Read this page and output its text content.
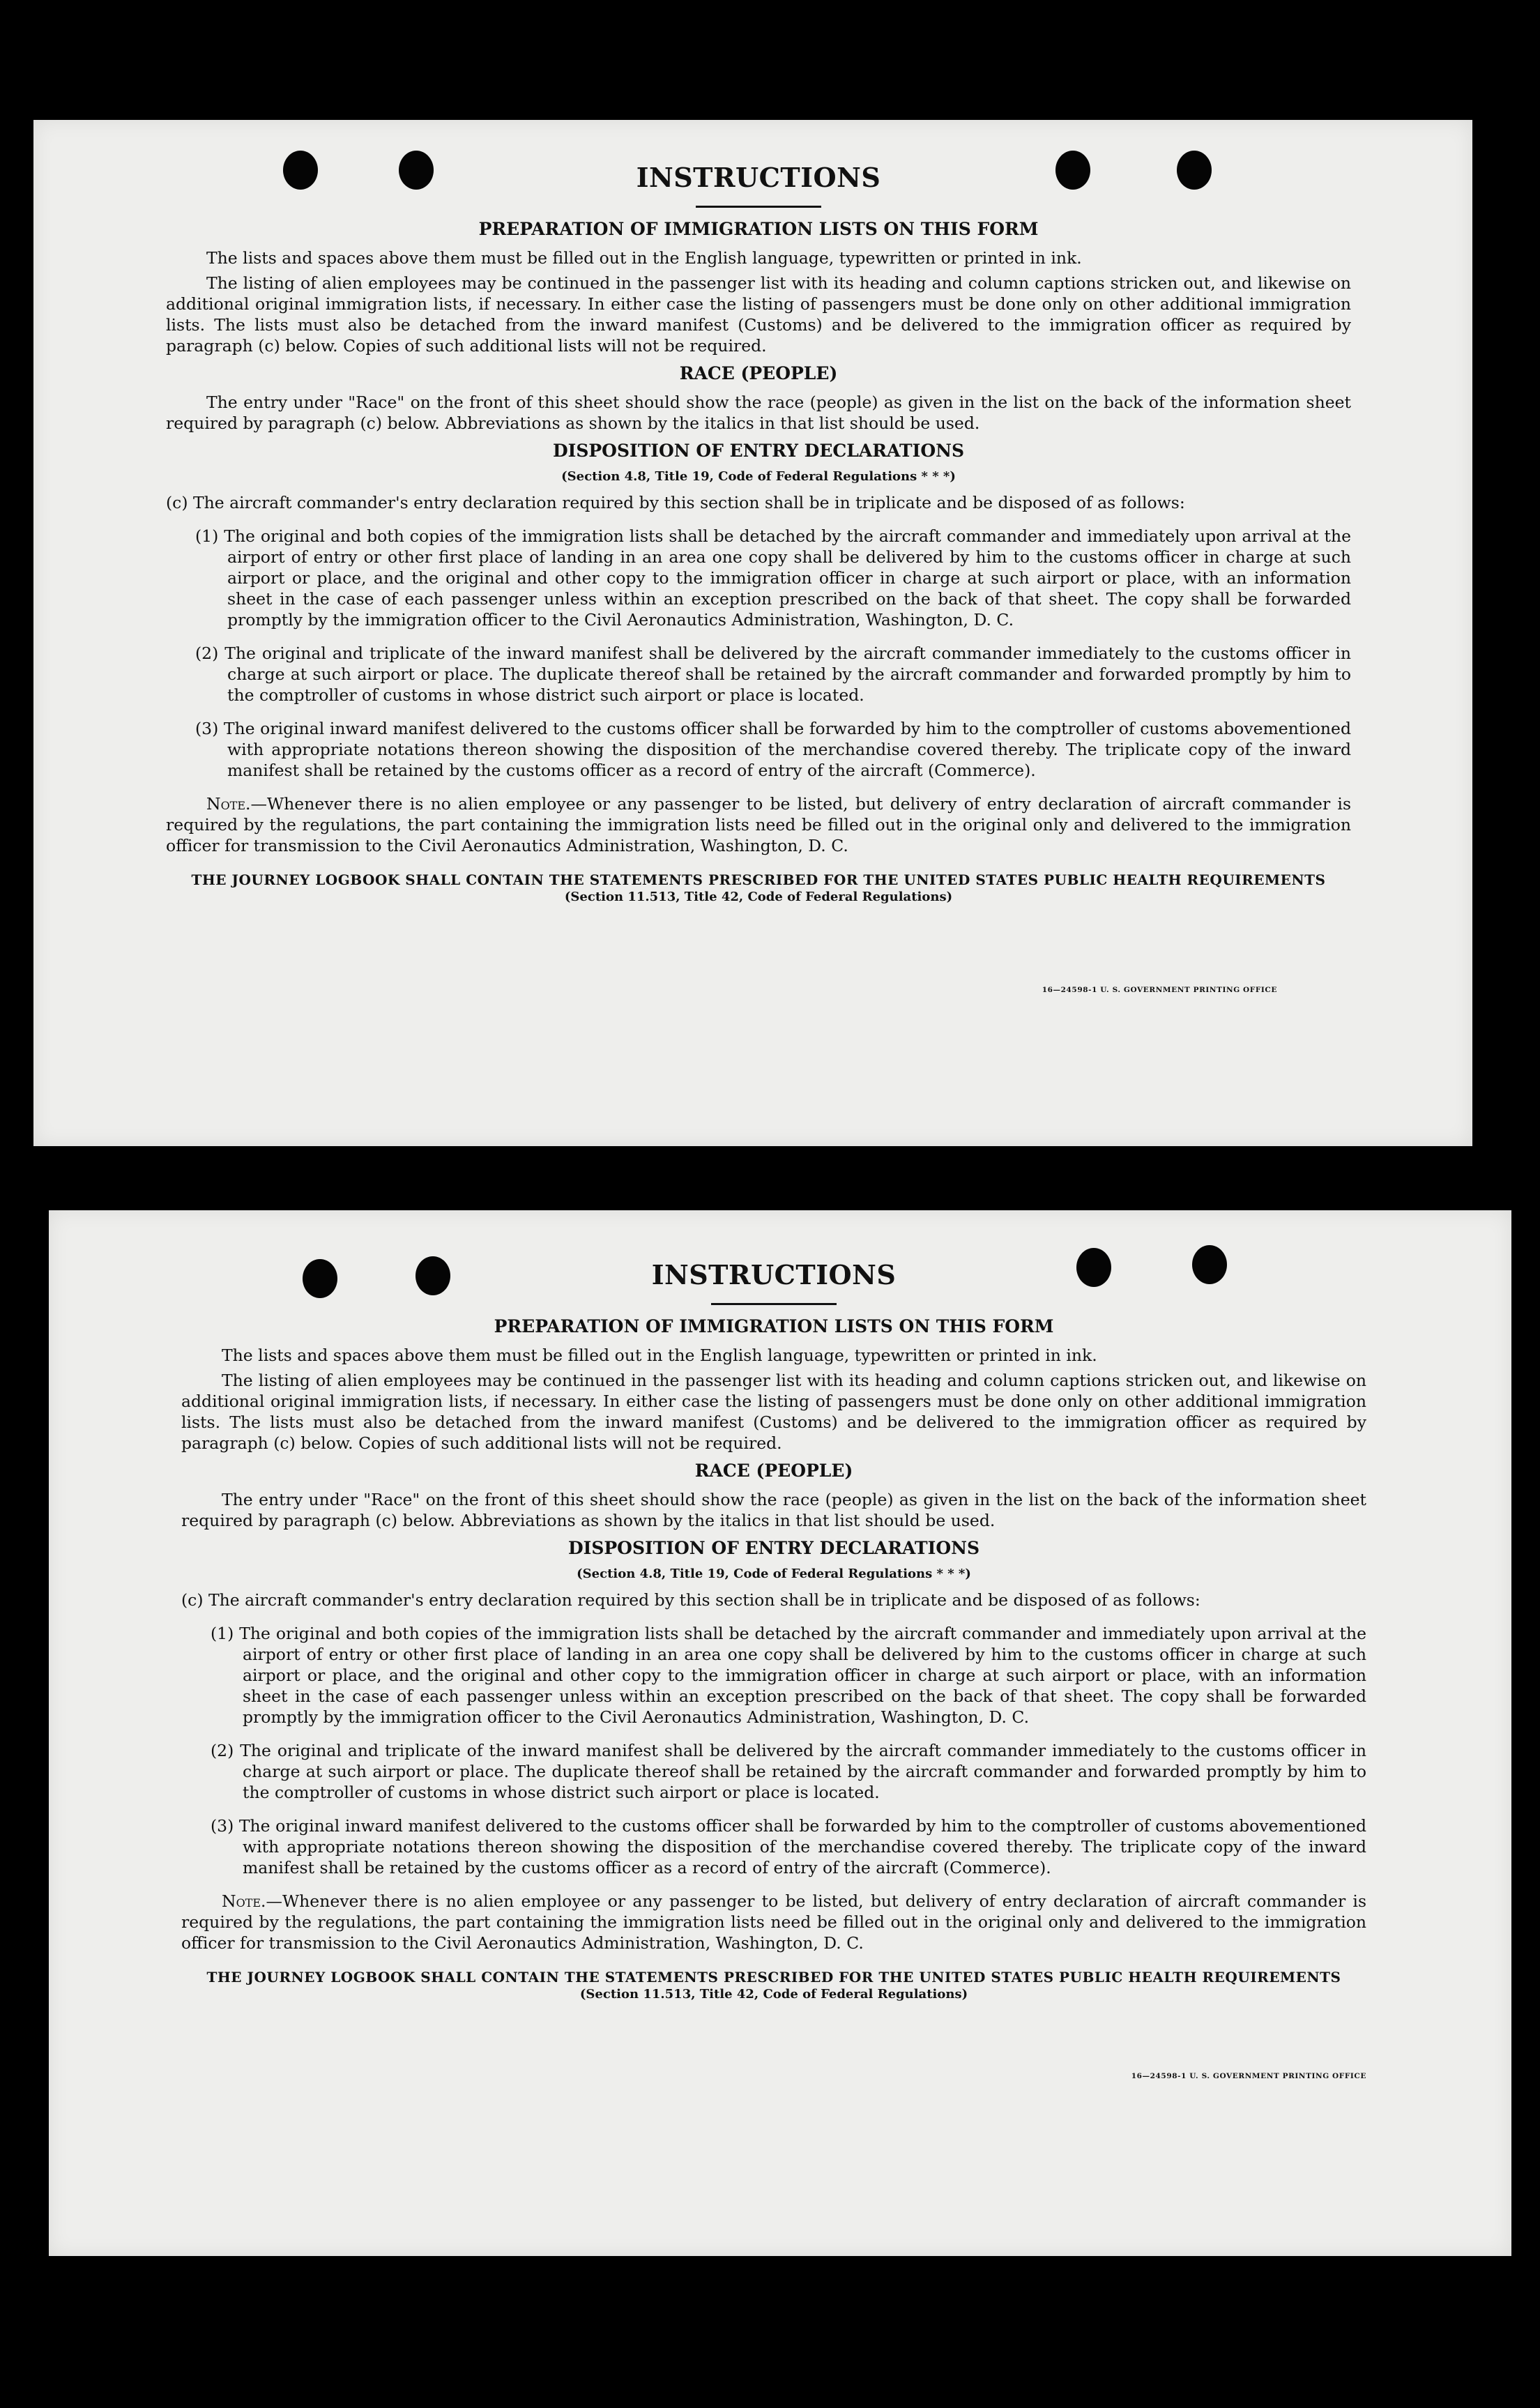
INSTRUCTIONS
PREPARATION OF IMMIGRATION LISTS ON THIS FORM

The lists and spaces above them must be filled out in the English language, typewritten or printed in ink.

The listing of alien employees may be continued in the passenger list with its heading and column captions stricken out, and likewise on additional original immigration lists, if necessary. In either case the listing of passengers must be done only on other additional immigration lists. The lists must also be detached from the inward manifest (Customs) and be delivered to the immigration officer as required by paragraph (c) below. Copies of such additional lists will not be required.

RACE (PEOPLE)

The entry under "Race" on the front of this sheet should show the race (people) as given in the list on the back of the information sheet required by paragraph (c) below. Abbreviations as shown by the italics in that list should be used.

DISPOSITION OF ENTRY DECLARATIONS
(Section 4.8, Title 19, Code of Federal Regulations * * *)

(c) The aircraft commander's entry declaration required by this section shall be in triplicate and be disposed of as follows:

(1) The original and both copies of the immigration lists shall be detached by the aircraft commander and immediately upon arrival at the airport of entry or other first place of landing in an area one copy shall be delivered by him to the customs officer in charge at such airport or place, and the original and other copy to the immigration officer in charge at such airport or place, with an information sheet in the case of each passenger unless within an exception prescribed on the back of that sheet. The copy shall be forwarded promptly by the immigration officer to the Civil Aeronautics Administration, Washington, D. C.

(2) The original and triplicate of the inward manifest shall be delivered by the aircraft commander immediately to the customs officer in charge at such airport or place. The duplicate thereof shall be retained by the aircraft commander and forwarded promptly by him to the comptroller of customs in whose district such airport or place is located.

(3) The original inward manifest delivered to the customs officer shall be forwarded by him to the comptroller of customs abovementioned with appropriate notations thereon showing the disposition of the merchandise covered thereby. The triplicate copy of the inward manifest shall be retained by the customs officer as a record of entry of the aircraft (Commerce).

Note.—Whenever there is no alien employee or any passenger to be listed, but delivery of entry declaration of aircraft commander is required by the regulations, the part containing the immigration lists need be filled out in the original only and delivered to the immigration officer for transmission to the Civil Aeronautics Administration, Washington, D. C.

THE JOURNEY LOGBOOK SHALL CONTAIN THE STATEMENTS PRESCRIBED FOR THE UNITED STATES PUBLIC HEALTH REQUIREMENTS
(Section 11.513, Title 42, Code of Federal Regulations)
16—24598-1 U. S. GOVERNMENT PRINTING OFFICE
INSTRUCTIONS
PREPARATION OF IMMIGRATION LISTS ON THIS FORM

The lists and spaces above them must be filled out in the English language, typewritten or printed in ink.

The listing of alien employees may be continued in the passenger list with its heading and column captions stricken out, and likewise on additional original immigration lists, if necessary. In either case the listing of passengers must be done only on other additional immigration lists. The lists must also be detached from the inward manifest (Customs) and be delivered to the immigration officer as required by paragraph (c) below. Copies of such additional lists will not be required.

RACE (PEOPLE)

The entry under "Race" on the front of this sheet should show the race (people) as given in the list on the back of the information sheet required by paragraph (c) below. Abbreviations as shown by the italics in that list should be used.

DISPOSITION OF ENTRY DECLARATIONS
(Section 4.8, Title 19, Code of Federal Regulations * * *)

(c) The aircraft commander's entry declaration required by this section shall be in triplicate and be disposed of as follows:

(1) The original and both copies of the immigration lists shall be detached by the aircraft commander and immediately upon arrival at the airport of entry or other first place of landing in an area one copy shall be delivered by him to the customs officer in charge at such airport or place, and the original and other copy to the immigration officer in charge at such airport or place, with an information sheet in the case of each passenger unless within an exception prescribed on the back of that sheet. The copy shall be forwarded promptly by the immigration officer to the Civil Aeronautics Administration, Washington, D. C.

(2) The original and triplicate of the inward manifest shall be delivered by the aircraft commander immediately to the customs officer in charge at such airport or place. The duplicate thereof shall be retained by the aircraft commander and forwarded promptly by him to the comptroller of customs in whose district such airport or place is located.

(3) The original inward manifest delivered to the customs officer shall be forwarded by him to the comptroller of customs abovementioned with appropriate notations thereon showing the disposition of the merchandise covered thereby. The triplicate copy of the inward manifest shall be retained by the customs officer as a record of entry of the aircraft (Commerce).

Note.—Whenever there is no alien employee or any passenger to be listed, but delivery of entry declaration of aircraft commander is required by the regulations, the part containing the immigration lists need be filled out in the original only and delivered to the immigration officer for transmission to the Civil Aeronautics Administration, Washington, D. C.

THE JOURNEY LOGBOOK SHALL CONTAIN THE STATEMENTS PRESCRIBED FOR THE UNITED STATES PUBLIC HEALTH REQUIREMENTS
(Section 11.513, Title 42, Code of Federal Regulations)
16—24598-1 U. S. GOVERNMENT PRINTING OFFICE
